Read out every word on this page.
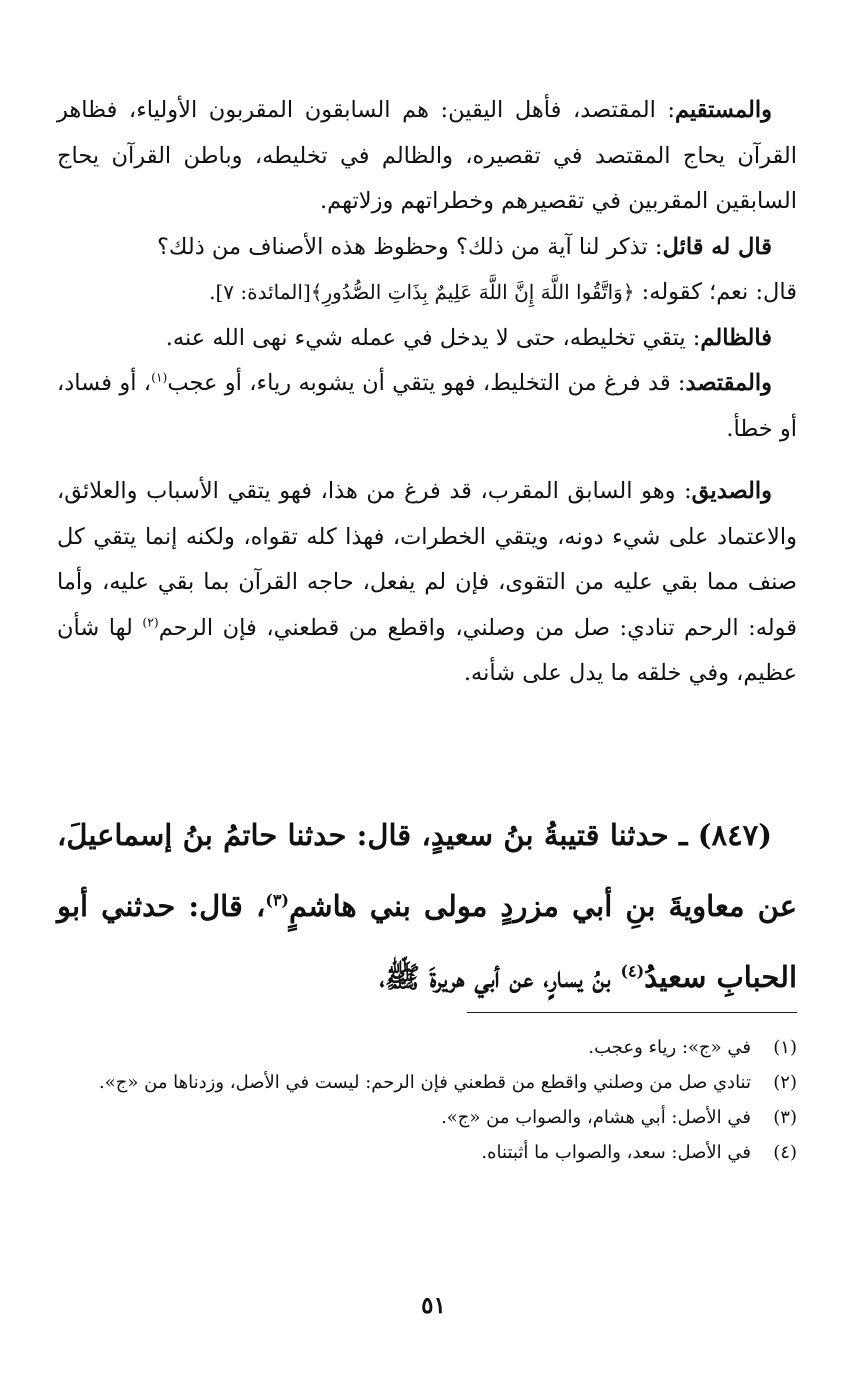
والمستقيم: المقتصد، فأهل اليقين: هم السابقون المقربون الأولياء، فظاهر القرآن يحاج المقتصد في تقصيره، والظالم في تخليطه، وباطن القرآن يحاج السابقين المقربين في تقصيرهم وخطراتهم وزلاتهم.

قال له قائل: تذكر لنا آية من ذلك؟ وحظوظ هذه الأصناف من ذلك؟

قال: نعم؛ كقوله: ﴿وَاتَّقُوا اللَّهَ إِنَّ اللَّهَ عَلِيمٌ بِذَاتِ الصُّدُورِ﴾[المائدة: ٧].

فالظالم: يتقي تخليطه، حتى لا يدخل في عمله شيء نهى الله عنه.

والمقتصد: قد فرغ من التخليط، فهو يتقي أن يشوبه رياء، أو عجب$^{(١)}$، أو فساد، أو خطأ.

والصديق: وهو السابق المقرب، قد فرغ من هذا، فهو يتقي الأسباب والعلائق، والاعتماد على شيء دونه، ويتقي الخطرات، فهذا كله تقواه، ولكنه إنما يتقي كل صنف مما بقي عليه من التقوى، فإن لم يفعل، حاجه القرآن بما بقي عليه، وأما قوله: الرحم تنادي: صل من وصلني، واقطع من قطعني، فإن الرحم$^{(٢)}$ لها شأن عظيم، وفي خلقه ما يدل على شأنه.

(٨٤٧) ـ حدثنا قتيبةُ بنُ سعيدٍ، قال: حدثنا حاتمُ بنُ إسماعيلَ، عن معاويةَ بنِ أبي مزردٍ مولى بني هاشمٍ$^{(٣)}$، قال: حدثني أبو الحبابِ سعيدُ$^{(٤)}$ بنُ يسارٍ، عن أبي هريرةَ ﷺ،

(١)
في «ج»: رياء وعجب.
(٢)
تنادي صل من وصلني واقطع من قطعني فإن الرحم: ليست في الأصل، وزدناها من «ج».
(٣)
في الأصل: أبي هشام، والصواب من «ج».
(٤)
في الأصل: سعد، والصواب ما أثبتناه.
٥١
